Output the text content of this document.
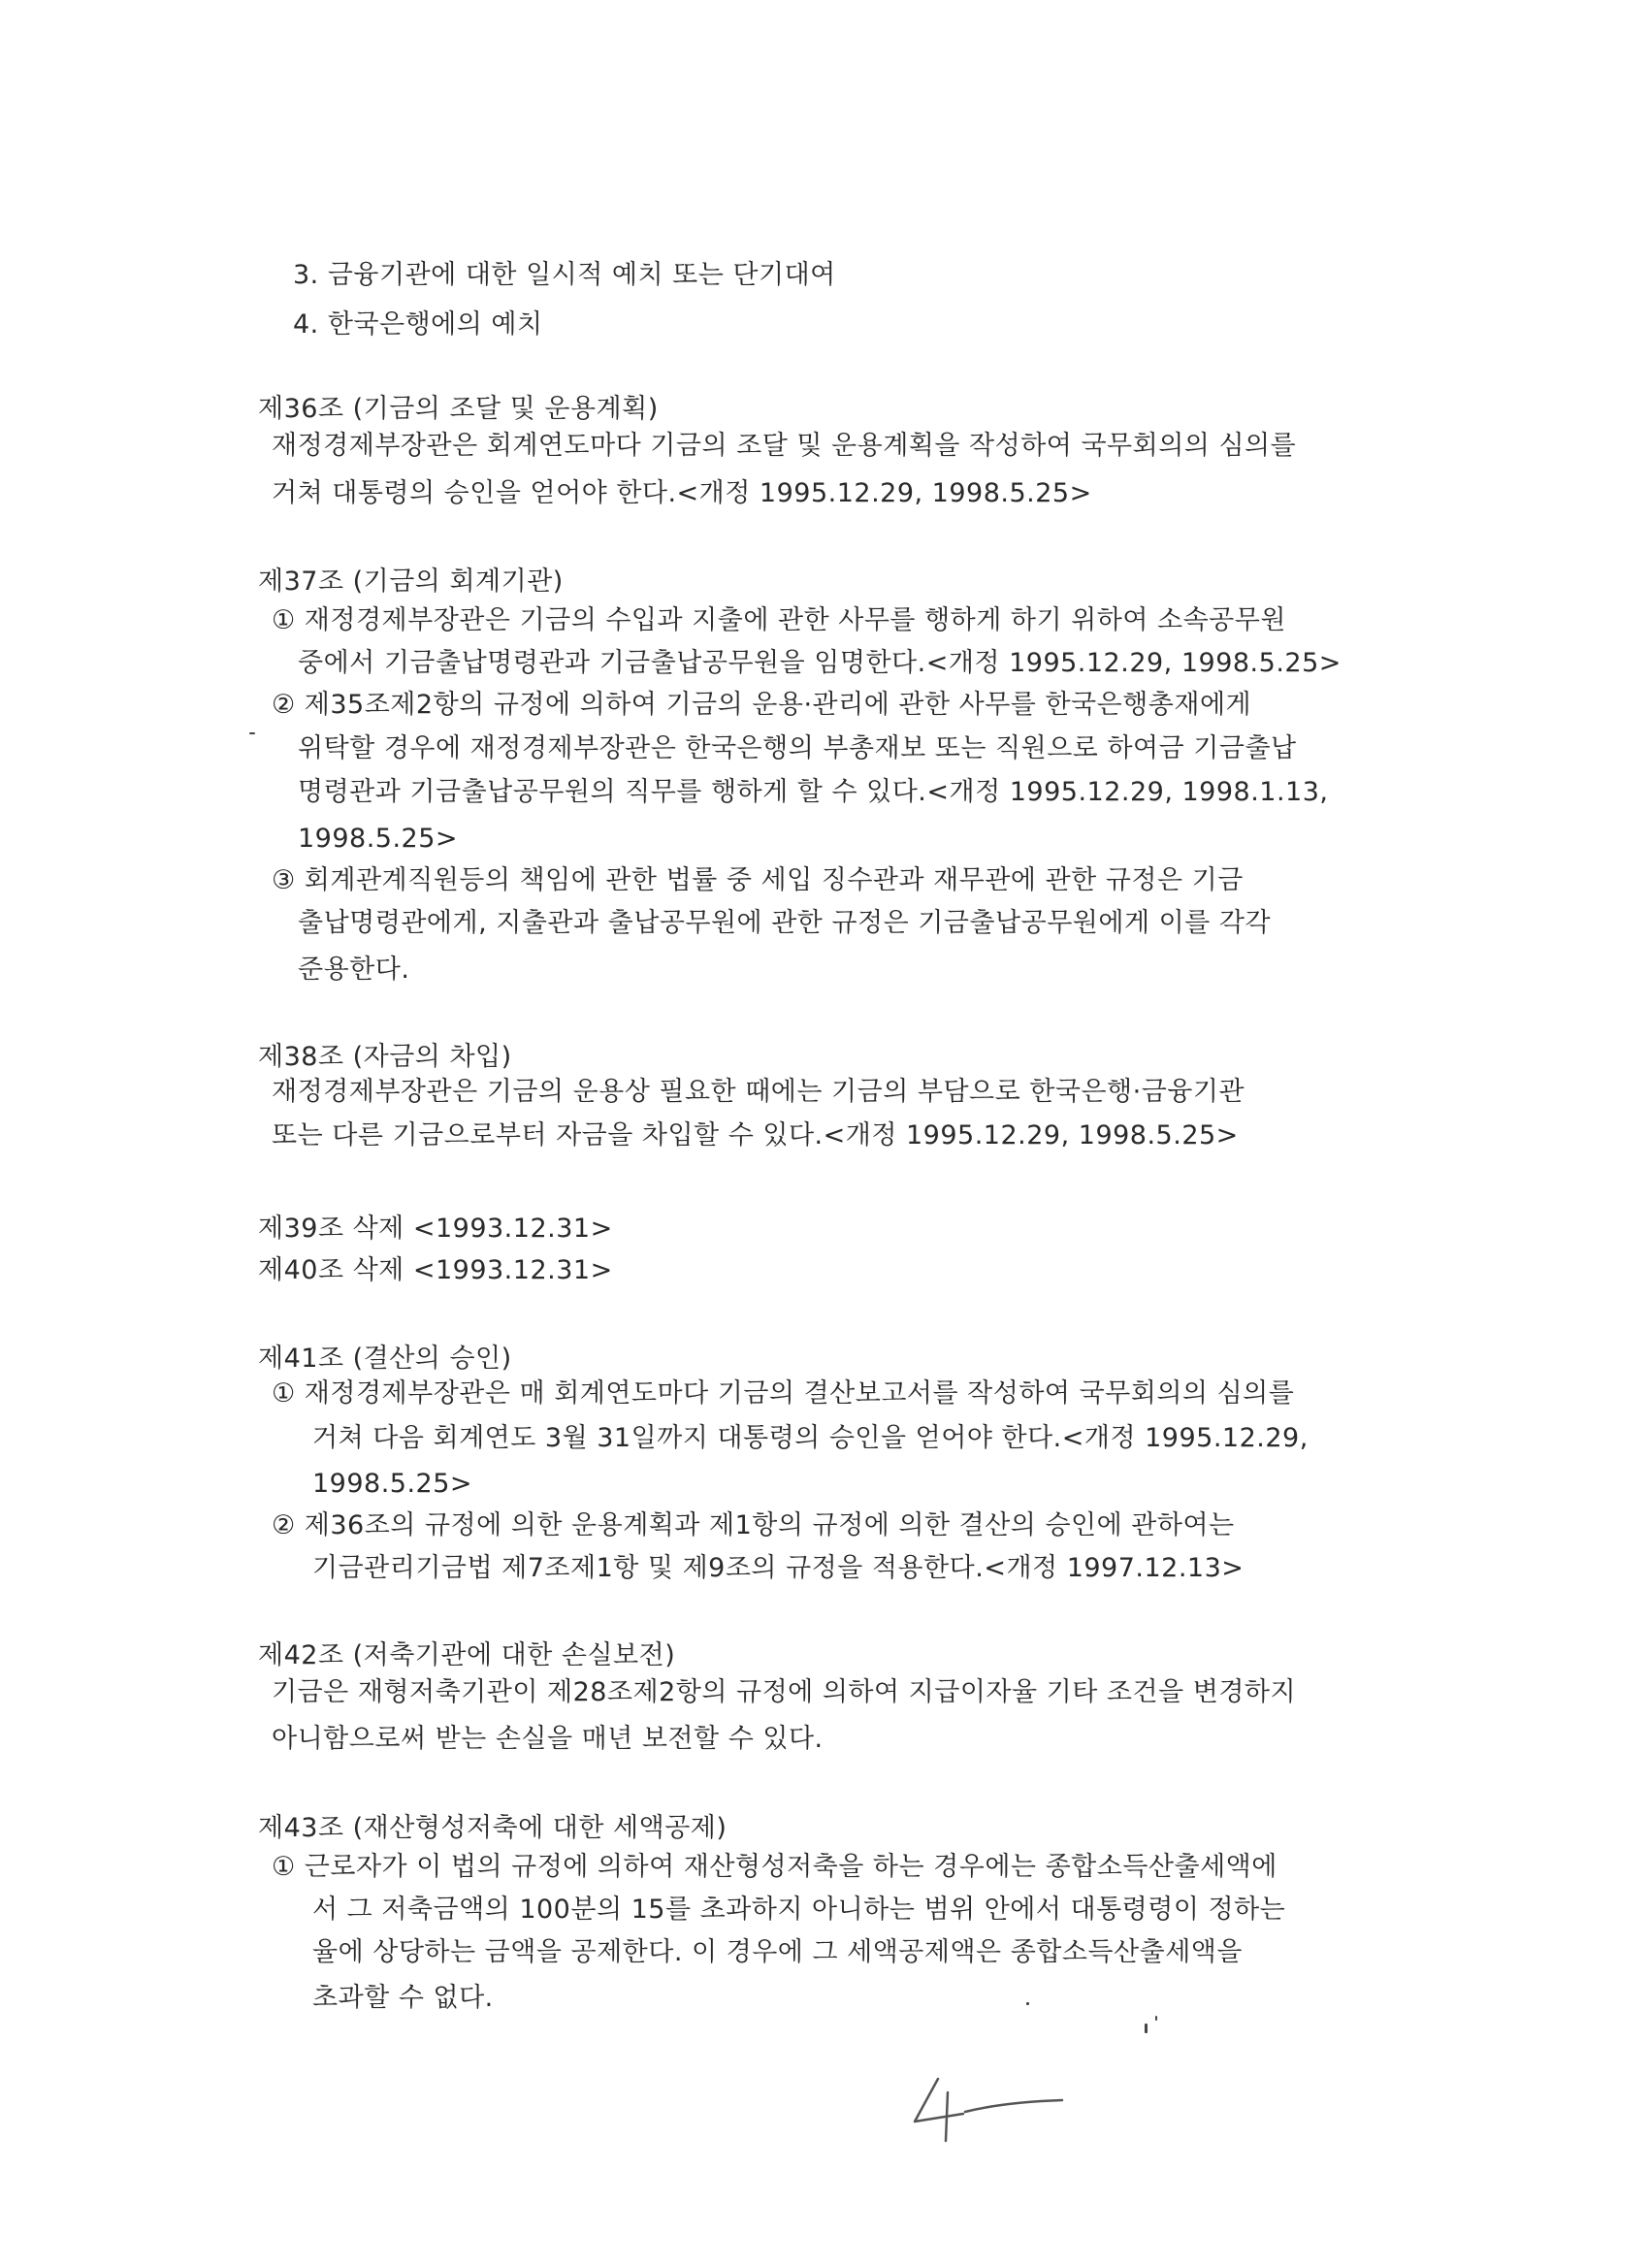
3. 금융기관에 대한 일시적 예치 또는 단기대여
4. 한국은행에의 예치
제36조 (기금의 조달 및 운용계획)
재정경제부장관은 회계연도마다 기금의 조달 및 운용계획을 작성하여 국무회의의 심의를
거쳐 대통령의 승인을 얻어야 한다.<개정 1995.12.29, 1998.5.25>
제37조 (기금의 회계기관)
① 재정경제부장관은 기금의 수입과 지출에 관한 사무를 행하게 하기 위하여 소속공무원
중에서 기금출납명령관과 기금출납공무원을 임명한다.<개정 1995.12.29, 1998.5.25>
② 제35조제2항의 규정에 의하여 기금의 운용·관리에 관한 사무를 한국은행총재에게
위탁할 경우에 재정경제부장관은 한국은행의 부총재보 또는 직원으로 하여금 기금출납
명령관과 기금출납공무원의 직무를 행하게 할 수 있다.<개정 1995.12.29, 1998.1.13,
1998.5.25>
③ 회계관계직원등의 책임에 관한 법률 중 세입 징수관과 재무관에 관한 규정은 기금
출납명령관에게, 지출관과 출납공무원에 관한 규정은 기금출납공무원에게 이를 각각
준용한다.
제38조 (자금의 차입)
재정경제부장관은 기금의 운용상 필요한 때에는 기금의 부담으로 한국은행·금융기관
또는 다른 기금으로부터 자금을 차입할 수 있다.<개정 1995.12.29, 1998.5.25>
제39조 삭제 <1993.12.31>
제40조 삭제 <1993.12.31>
제41조 (결산의 승인)
① 재정경제부장관은 매 회계연도마다 기금의 결산보고서를 작성하여 국무회의의 심의를
거쳐 다음 회계연도 3월 31일까지 대통령의 승인을 얻어야 한다.<개정 1995.12.29,
1998.5.25>
② 제36조의 규정에 의한 운용계획과 제1항의 규정에 의한 결산의 승인에 관하여는
기금관리기금법 제7조제1항 및 제9조의 규정을 적용한다.<개정 1997.12.13>
제42조 (저축기관에 대한 손실보전)
기금은 재형저축기관이 제28조제2항의 규정에 의하여 지급이자율 기타 조건을 변경하지
아니함으로써 받는 손실을 매년 보전할 수 있다.
제43조 (재산형성저축에 대한 세액공제)
① 근로자가 이 법의 규정에 의하여 재산형성저축을 하는 경우에는 종합소득산출세액에
서 그 저축금액의 100분의 15를 초과하지 아니하는 범위 안에서 대통령령이 정하는
율에 상당하는 금액을 공제한다. 이 경우에 그 세액공제액은 종합소득산출세액을
초과할 수 없다.
